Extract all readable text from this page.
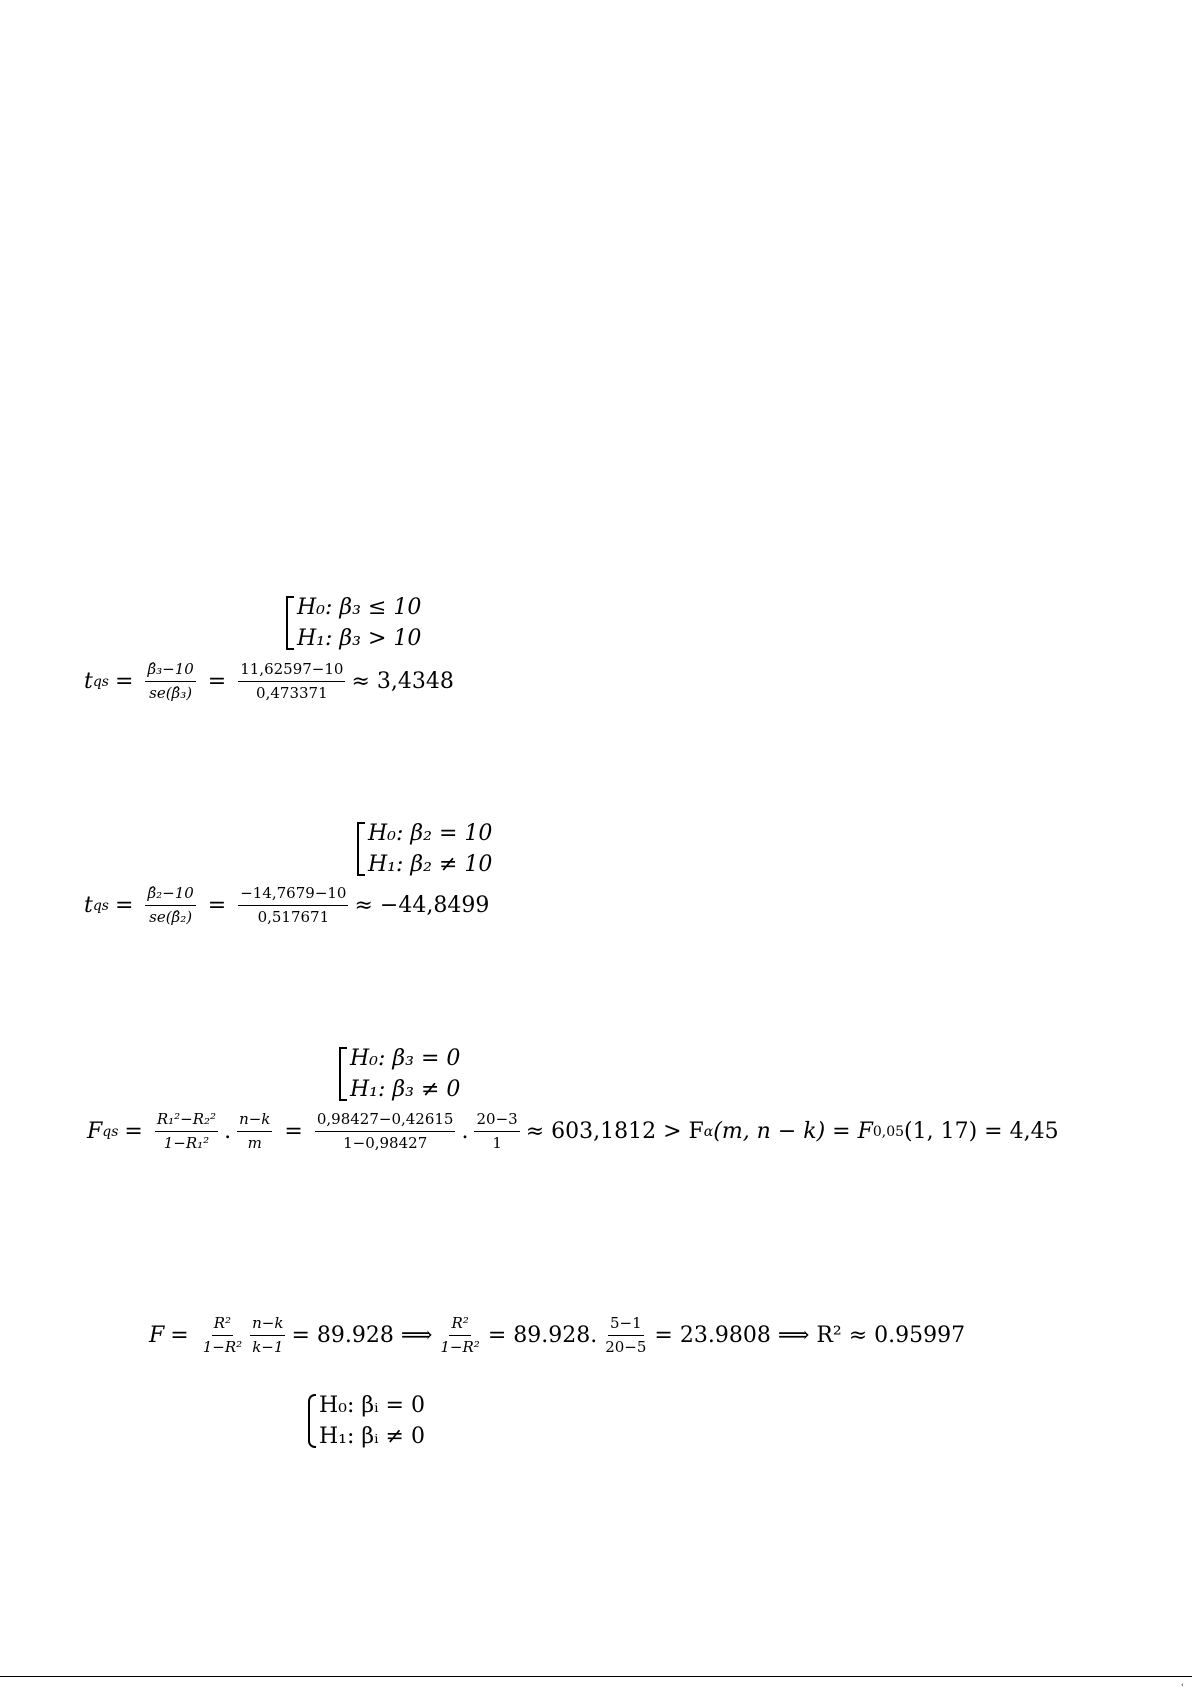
H₀: β₃ ≤ 10
H₁: β₃ > 10
t qs = $\frac{\text{β̂₃−10}}{\text{se(β̂₃)}} = \frac{11,62597-10}{0,473371} \approx 3,4348$
H₀: β₂ = 10
H₁: β₂ ≠ 10
t qs = $\frac{\text{β̂₂−10}}{\text{se(β̂₂)}} = \frac{-14,7679-10}{0,517671} \approx -44,8499$
H₀: β₃ = 0
H₁: β₃ ≠ 0
F qs = $\frac{\text{R₁²−R₂²}}{\text{1−R₁²}}$ . $\frac{n-k}{m} = \frac{0,98427-0,42615}{1-0,98427}$ . $\frac{20-3}{1} \approx 603,1812 > F$ α (m, n − k) = F 0,05 (1, 17) = 4,45
$F = \frac{\text{R²}}{\text{1−R²}} \frac{n-k}{k-1} = 89.928$ ⟹ $\frac{\text{R²}}{\text{1−R²}} = 89.928$. $\frac{5-1}{20-5} = 23.9808$ ⟹ R² ≈ 0.95997
H₀: βᵢ = 0
H₁: βᵢ ≠ 0
‹
